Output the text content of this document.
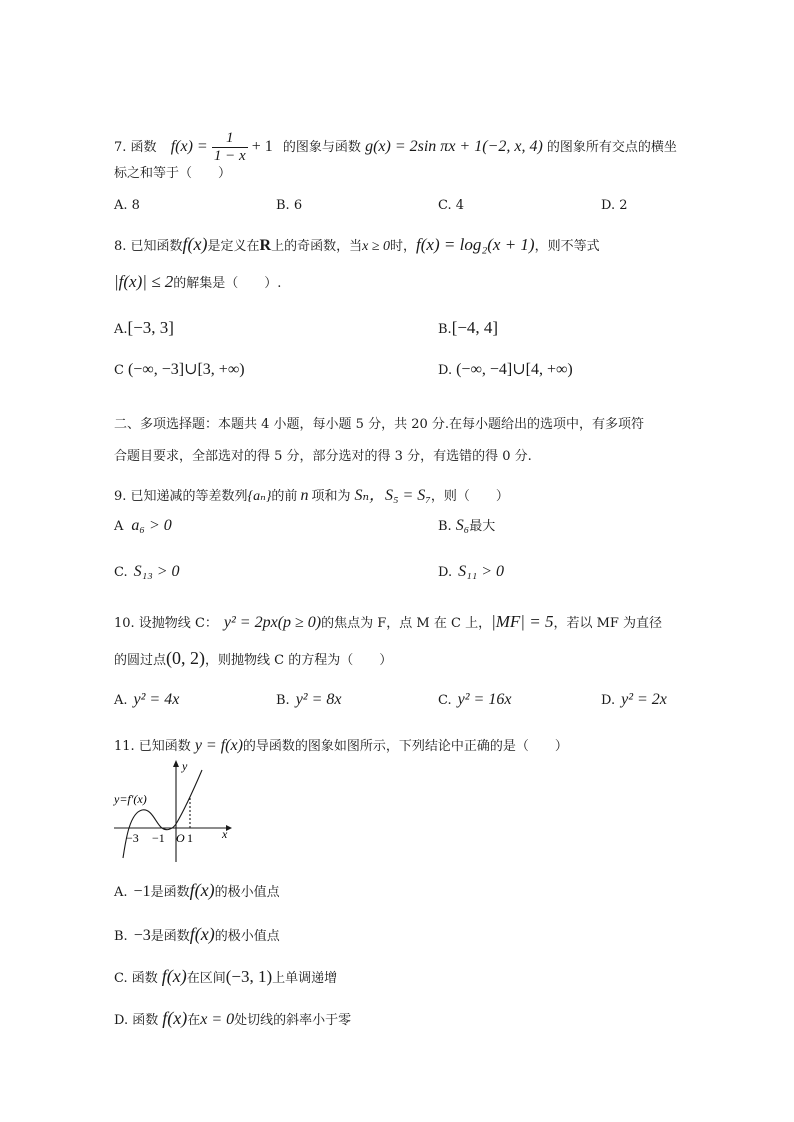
7. 函数 $f(x) = \frac{1}{1 - x} + 1$ 的图象与函数 g(x) = 2sin πx + 1(−2, x, 4) 的图象所有交点的横坐
标之和等于（　　）
A. 8	B. 6	C. 4	D. 2
8. 已知函数f(x)是定义在R上的奇函数，当x ≥ 0时，f(x) = log₂(x + 1)，则不等式
|f(x)| ≤ 2的解集是（　　）.
A.[−3, 3]	B.[−4, 4]
C (−∞, −3]∪[3, +∞)	D. (−∞, −4]∪[4, +∞)
二、多项选择题：本题共 4 小题，每小题 5 分，共 20 分.在每小题给出的选项中，有多项符
合题目要求，全部选对的得 5 分，部分选对的得 3 分，有选错的得 0 分.
9. 已知递减的等差数列{aₙ}的前 n 项和为 Sₙ，S₅ = S₇，则（　　）
A a₆ > 0	B. S₆最大
C. S₁₃ > 0	D. S₁₁ > 0
10. 设抛物线 C： y² = 2px(p ≥ 0)的焦点为 F，点 M 在 C 上，|MF| = 5，若以 MF 为直径
的圆过点(0, 2)，则抛物线 C 的方程为（　　）
A. y² = 4x	B. y² = 8x	C. y² = 16x	D. y² = 2x
11. 已知函数 y = f(x)的导函数的图象如图所示，下列结论中正确的是（　　）
y
y=f′(x)
x
−3 −1 O 1
A. −1是函数f(x)的极小值点
B. −3是函数f(x)的极小值点
C. 函数 f(x)在区间(−3, 1)上单调递增
D. 函数 f(x)在x = 0处切线的斜率小于零
